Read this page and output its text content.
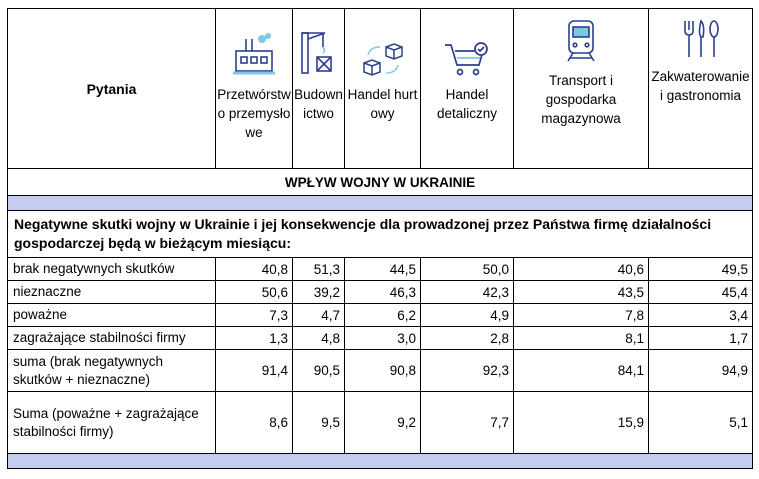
Pytania	Przetwórstwo przemysłowe	Budownictwo	Handel hurtowy	Handel detaliczny	Transport i gospodarka magazynowa	Zakwaterowanie i gastronomia

WPŁYW WOJNY W UKRAINIE						

Negatywne skutki wojny w Ukrainie i jej konsekwencje dla prowadzonej przez Państwa firmę działalności gospodarczej będą w bieżącym miesiącu:						
brak negatywnych skutków	40,8	51,3	44,5	50,0	40,6	49,5
nieznaczne	50,6	39,2	46,3	42,3	43,5	45,4
poważne	7,3	4,7	6,2	4,9	7,8	3,4
zagrażające stabilności firmy	1,3	4,8	3,0	2,8	8,1	1,7
suma (brak negatywnych skutków + nieznaczne)	91,4	90,5	90,8	92,3	84,1	94,9
Suma (poważne + zagrażające stabilności firmy)	8,6	9,5	9,2	7,7	15,9	5,1
